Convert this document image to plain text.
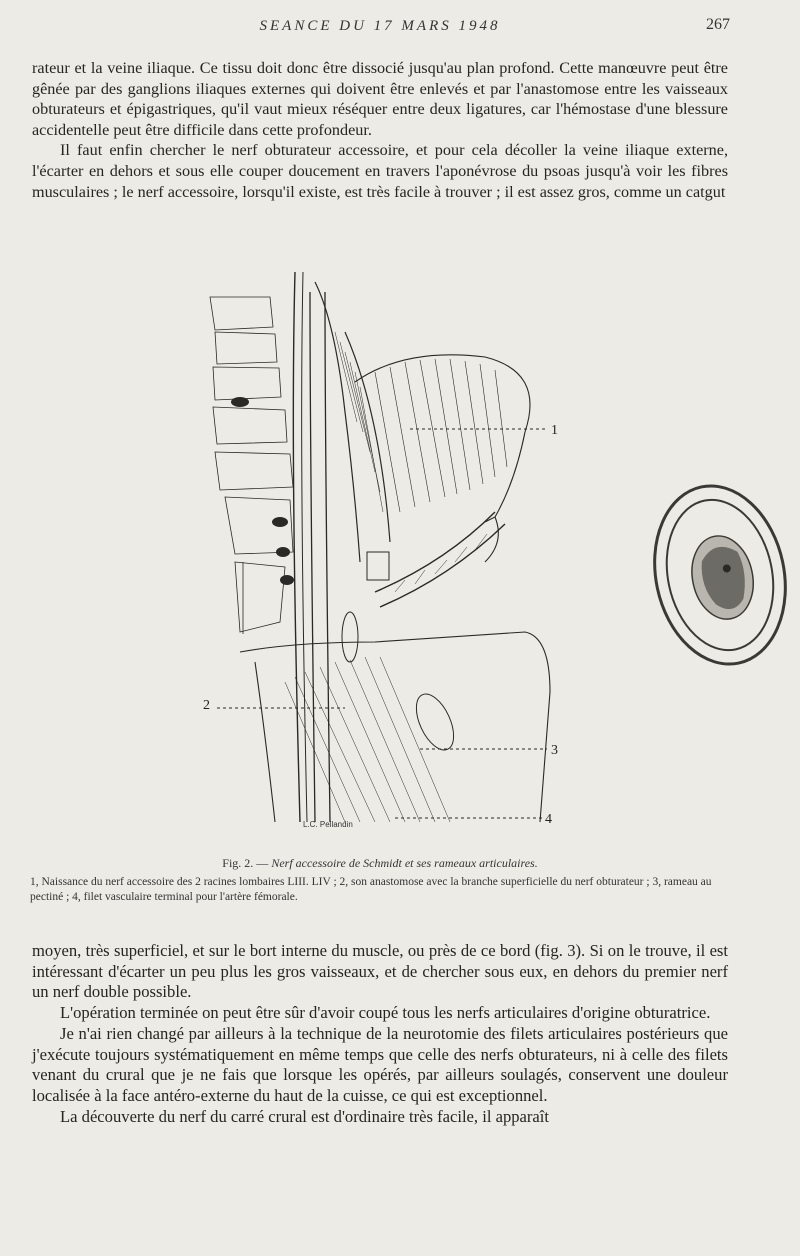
SEANCE DU 17 MARS 1948	267

rateur et la veine iliaque. Ce tissu doit donc être dissocié jusqu'au plan profond. Cette manœuvre peut être gênée par des ganglions iliaques externes qui doivent être enlevés et par l'anastomose entre les vaisseaux obturateurs et épigastriques, qu'il vaut mieux réséquer entre deux ligatures, car l'hémostase d'une blessure accidentelle peut être difficile dans cette profondeur.

Il faut enfin chercher le nerf obturateur accessoire, et pour cela décoller la veine iliaque externe, l'écarter en dehors et sous elle couper doucement en travers l'aponévrose du psoas jusqu'à voir les fibres musculaires ; le nerf accessoire, lorsqu'il existe, est très facile à trouver ; il est assez gros, comme un catgut

1
2
3
4
L.C. Pellandin
Fig. 2. — Nerf accessoire de Schmidt et ses rameaux articulaires.
1, Naissance du nerf accessoire des 2 racines lombaires LIII. LIV ; 2, son anastomose avec la branche superficielle du nerf obturateur ; 3, rameau au pectiné ; 4, filet vasculaire terminal pour l'artère fémorale.

moyen, très superficiel, et sur le bort interne du muscle, ou près de ce bord (fig. 3). Si on le trouve, il est intéressant d'écarter un peu plus les gros vaisseaux, et de chercher sous eux, en dehors du premier nerf un nerf double possible.

L'opération terminée on peut être sûr d'avoir coupé tous les nerfs articulaires d'origine obturatrice.

Je n'ai rien changé par ailleurs à la technique de la neurotomie des filets articulaires postérieurs que j'exécute toujours systématiquement en même temps que celle des nerfs obturateurs, ni à celle des filets venant du crural que je ne fais que lorsque les opérés, par ailleurs soulagés, conservent une douleur localisée à la face antéro-externe du haut de la cuisse, ce qui est exceptionnel.

La découverte du nerf du carré crural est d'ordinaire très facile, il apparaît
